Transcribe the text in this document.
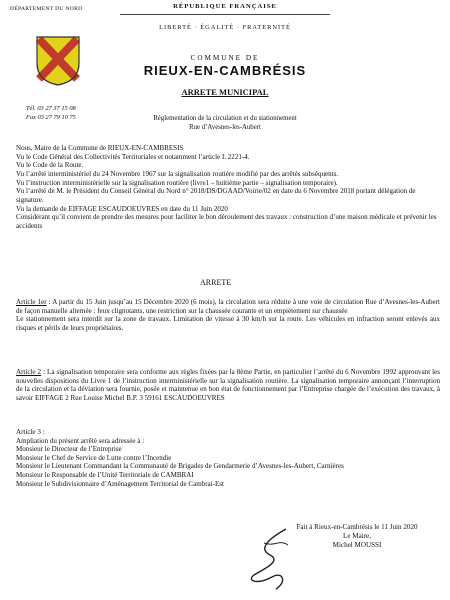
DÉPARTEMENT DU NORD	RÉPUBLIQUE FRANÇAISE
LIBERTÉ · ÉGALITÉ · FRATERNITÉ
COMMUNE DE
RIEUX-EN-CAMBRÉSIS
ARRETE MUNICIPAL
Tél. 03 27 37 15 08
Fax 03 27 79 10 75	Réglementation de la circulation et du stationnement
Rue d’Avesnes-les-Aubert

Nous, Maire de la Commune de RIEUX-EN-CAMBRESIS

Vu le Code Général des Collectivités Territoriales et notamment l’article L 2221-4.

Vu le Code de la Route.

Vu l’arrêté interministériel du 24 Novembre 1967 sur la signalisation routière modifié par des arrêtés subséquents.

Vu l’instruction interministérielle sur la signalisation routière (livre1 – huitième partie – signalisation temporaire).

Vu l’arrêté de M. le Président du Conseil Général du Nord n° 2018/DS/DGAAD/Voirie/02 en date du 6 Novembre 2018 portant délégation de signature.

Vu la demande de EIFFAGE ESCAUDOEUVRES en date du 11 Juin 2020

Considérant qu’il convient de prendre des mesures pour faciliter le bon déroulement des travaux : construction d’une maison médicale et prévenir les accidents

ARRETE

Article 1er : A partir du 15 Juin jusqu’au 15 Décembre 2020 (6 mois), la circulation sera réduite à une voie de circulation Rue d’Avesnes-les-Aubert de façon manuelle alternée : feux clignotants, une restriction sur la chaussée courante et un empiètement sur chaussée

Le stationnement sera interdit sur la zone de travaux. Limitation de vitesse à 30 km/h sur la route. Les véhicules en infraction seront enlevés aux risques et périls de leurs propriétaires.

Article 2 : La signalisation temporaire sera conforme aux règles fixées par la 8ème Partie, en particulier l’arrêté du 6 Novembre 1992 approuvant les nouvelles dispositions du Livre 1 de l’instruction interministérielle sur la signalisation routière. La signalisation temporaire annonçant l’interruption de la circulation et la déviation sera fournie, posée et maintenue en bon état de fonctionnement par l’Entreprise chargée de l’exécution des travaux, à savoir EIFFAGE 2 Rue Louise Michel B.P. 3 59161 ESCAUDOEUVRES

Article 3 :

Ampliation du présent arrêté sera adressée à :

Monsieur le Directeur de l’Entreprise

Monsieur le Chef de Service de Lutte contre l’Incendie

Monsieur le Lieutenant Commandant la Communauté de Brigades de Gendarmerie d’Avesnes-les-Aubert, Carnières

Monsieur le Responsable de l’Unité Territoriale de CAMBRAI

Monsieur le Subdivisionnaire d’Aménagement Territorial de Cambrai-Est

Fait à Rieux-en-Cambrésis le 11 Juin 2020
Le Maire,
Michel MOUSSI
